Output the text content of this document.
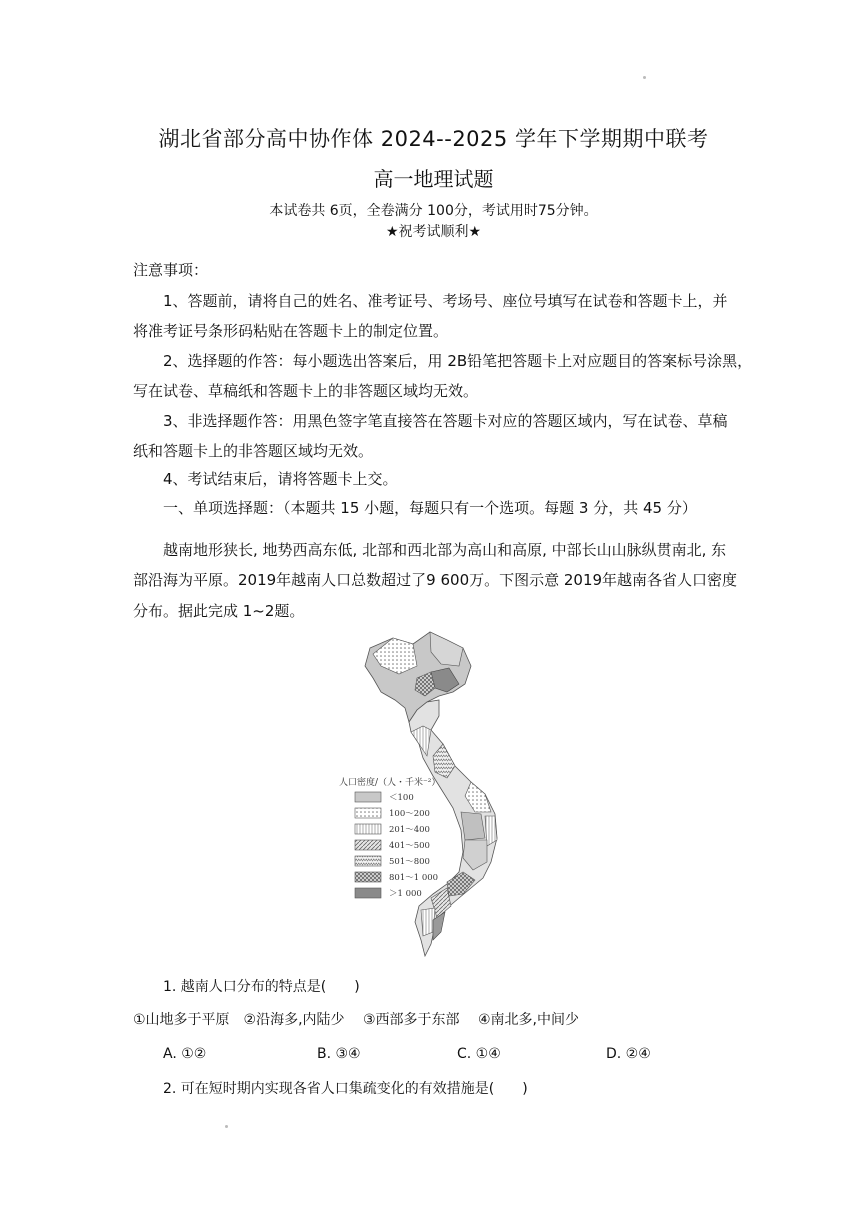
湖北省部分高中协作体 2024--2025 学年下学期期中联考
高一地理试题
本试卷共 6页，全卷满分 100分，考试用时75分钟。
★祝考试顺利★
注意事项：
1、答题前，请将自己的姓名、准考证号、考场号、座位号填写在试卷和答题卡上，并
将准考证号条形码粘贴在答题卡上的制定位置。
2、选择题的作答：每小题选出答案后，用 2B铅笔把答题卡上对应题目的答案标号涂黑，
写在试卷、草稿纸和答题卡上的非答题区域均无效。
3、非选择题作答：用黑色签字笔直接答在答题卡对应的答题区域内，写在试卷、草稿
纸和答题卡上的非答题区域均无效。
4、考试结束后，请将答题卡上交。
一、单项选择题：（本题共 15 小题，每题只有一个选项。每题 3 分，共 45 分）
越南地形狭长, 地势西高东低, 北部和西北部为高山和高原, 中部长山山脉纵贯南北, 东
部沿海为平原。2019年越南人口总数超过了9 600万。下图示意 2019年越南各省人口密度
分布。据此完成 1~2题。
人口密度/（人・千米⁻²）
＜100
100～200
201～400
401～500
501～800
801～1 000
＞1 000
1. 越南人口分布的特点是(　　)
①山地多于平原　②沿海多,内陆少　 ③西部多于东部　 ④南北多,中间少
A. ①②	B. ③④	C. ①④	D. ②④
2. 可在短时期内实现各省人口集疏变化的有效措施是(　　)
